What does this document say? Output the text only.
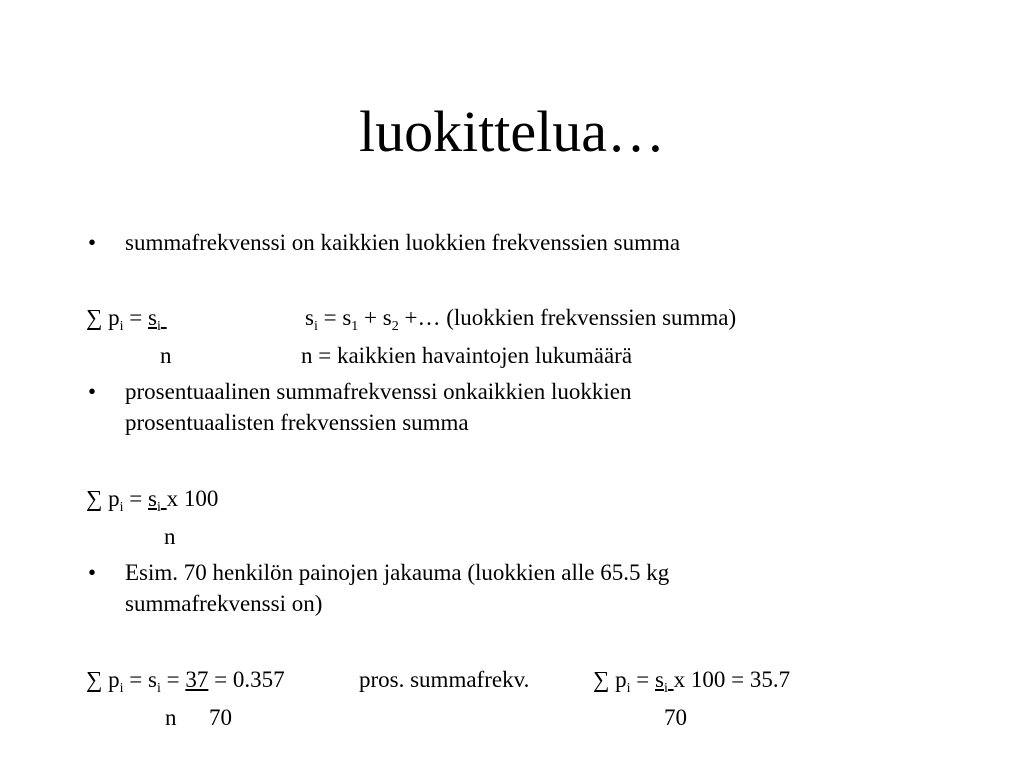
luokittelua…
• summafrekvenssi on kaikkien luokkien frekvenssien summa
∑ $p_i = s_i$	$s_i = s_1 + s_2$ +… (luokkien frekvenssien summa)
n	n = kaikkien havaintojen lukumäärä
• prosentuaalinen summafrekvenssi onkaikkien luokkien
prosentuaalisten frekvenssien summa
∑ $p_i = s_i$ x 100
n
• Esim. 70 henkilön painojen jakauma (luokkien alle 65.5 kg
summafrekvenssi on)
∑ $p_i = s_i = 37 = 0.357$	pros. summafrekv.	∑ $p_i = s_i$ x 100 = 35.7
n 70	70
